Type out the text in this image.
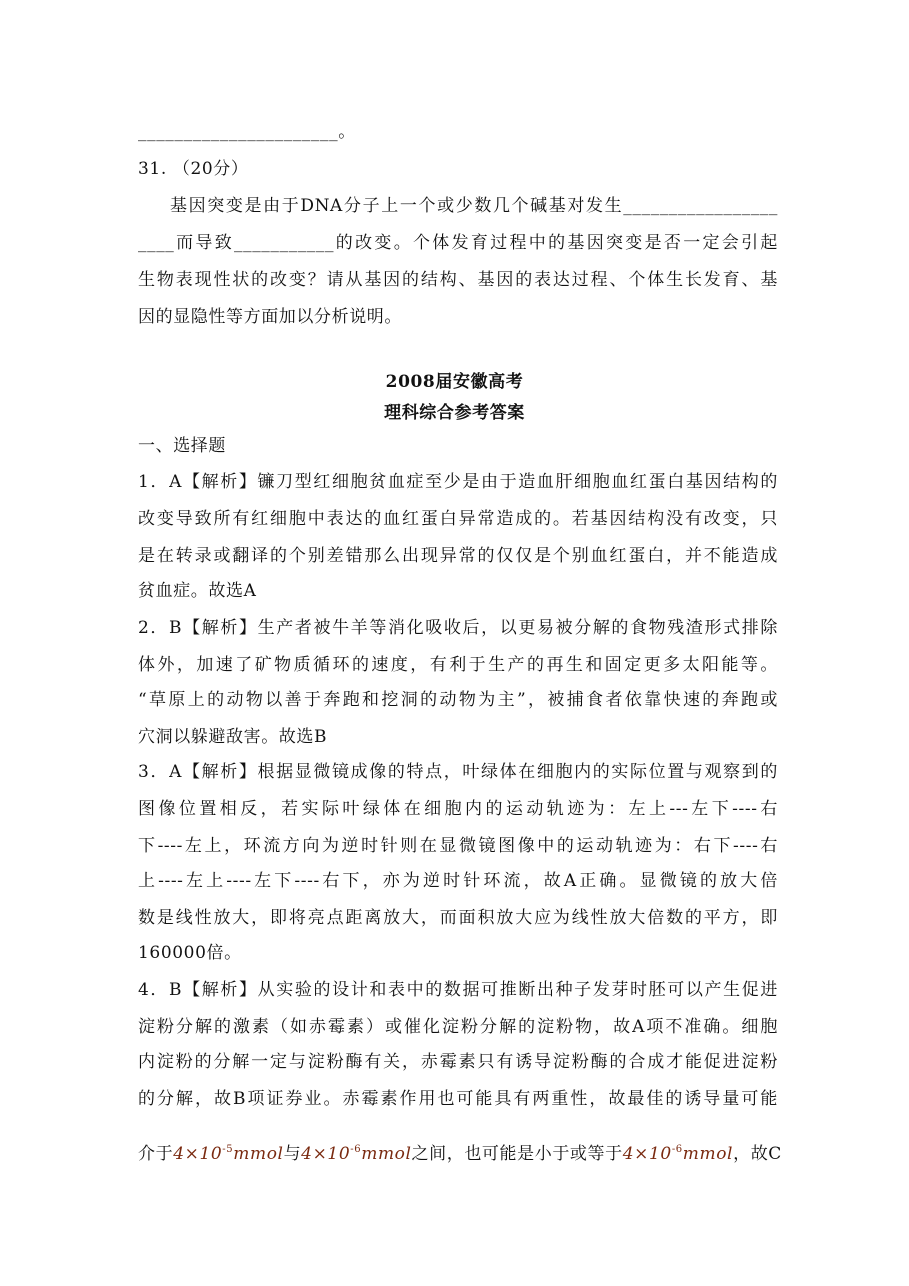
______________________。
31. （20分）
基因突变是由于DNA分子上一个或少数几个碱基对发生_________________
____而导致___________的改变。个体发育过程中的基因突变是否一定会引起
生物表现性状的改变？请从基因的结构、基因的表达过程、个体生长发育、基
因的显隐性等方面加以分析说明。
2008届安徽高考
理科综合参考答案
一、选择题
1．A【解析】镰刀型红细胞贫血症至少是由于造血肝细胞血红蛋白基因结构的
改变导致所有红细胞中表达的血红蛋白异常造成的。若基因结构没有改变，只
是在转录或翻译的个别差错那么出现异常的仅仅是个别血红蛋白，并不能造成
贫血症。故选A
2．B【解析】生产者被牛羊等消化吸收后，以更易被分解的食物残渣形式排除
体外，加速了矿物质循环的速度，有利于生产的再生和固定更多太阳能等。
“草原上的动物以善于奔跑和挖洞的动物为主”，被捕食者依靠快速的奔跑或
穴洞以躲避敌害。故选B
3．A【解析】根据显微镜成像的特点，叶绿体在细胞内的实际位置与观察到的
图像位置相反，若实际叶绿体在细胞内的运动轨迹为：左上---左下----右
下----左上，环流方向为逆时针则在显微镜图像中的运动轨迹为：右下----右
上----左上----左下----右下，亦为逆时针环流，故A正确。显微镜的放大倍
数是线性放大，即将亮点距离放大，而面积放大应为线性放大倍数的平方，即
160000倍。
4．B【解析】从实验的设计和表中的数据可推断出种子发芽时胚可以产生促进
淀粉分解的激素（如赤霉素）或催化淀粉分解的淀粉物，故A项不准确。细胞
内淀粉的分解一定与淀粉酶有关，赤霉素只有诱导淀粉酶的合成才能促进淀粉
的分解，故B项证券业。赤霉素作用也可能具有两重性，故最佳的诱导量可能
介于$4\times 10^{-5}mmol$与$4\times 10^{-6}mmol$之间，也可能是小于或等于$4\times 10^{-6}mmol$，故C
